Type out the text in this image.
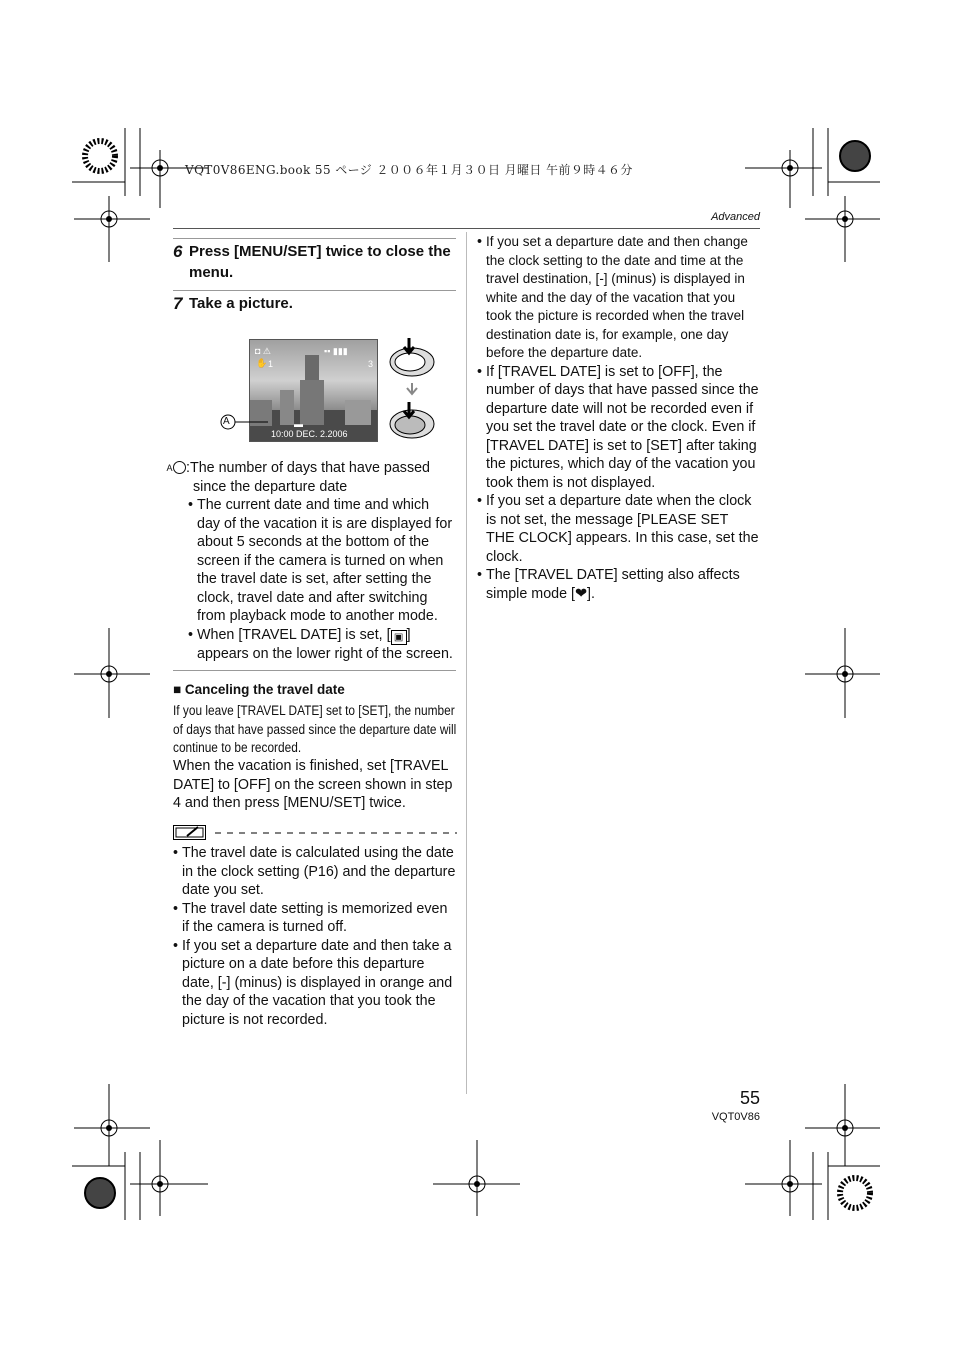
VQT0V86ENG.book 55 ページ ２００６年１月３０日 月曜日 午前９時４６分
Advanced
6 Press [MENU/SET] twice to close the menu.
7 Take a picture.
◘ ⚠
✋ 1
▪▪ ▮▮▮
3
▬
10:00 DEC. 2.2006
A
A :The number of days that have passed since the departure date
• The current date and time and which day of the vacation it is are displayed for about 5 seconds at the bottom of the screen if the camera is turned on when the travel date is set, after setting the clock, travel date and after switching from playback mode to another mode.
• When [TRAVEL DATE] is set, [ ▣ ] appears on the lower right of the screen.
■ Canceling the travel date
If you leave [TRAVEL DATE] set to [SET], the number of days that have passed since the departure date will continue to be recorded.
When the vacation is finished, set [TRAVEL DATE] to [OFF] on the screen shown in step 4 and then press [MENU/SET] twice.
• The travel date is calculated using the date in the clock setting (P16) and the departure date you set.
• The travel date setting is memorized even if the camera is turned off.
• If you set a departure date and then take a picture on a date before this departure date, [-] (minus) is displayed in orange and the day of the vacation that you took the picture is not recorded.
• If you set a departure date and then change the clock setting to the date and time at the travel destination, [-] (minus) is displayed in white and the day of the vacation that you took the picture is recorded when the travel destination date is, for example, one day before the departure date.
• If [TRAVEL DATE] is set to [OFF], the number of days that have passed since the departure date will not be recorded even if you set the travel date or the clock. Even if [TRAVEL DATE] is set to [SET] after taking the pictures, which day of the vacation you took them is not displayed.
• If you set a departure date when the clock is not set, the message [PLEASE SET THE CLOCK] appears. In this case, set the clock.
• The [TRAVEL DATE] setting also affects simple mode [❤].
55
VQT0V86
